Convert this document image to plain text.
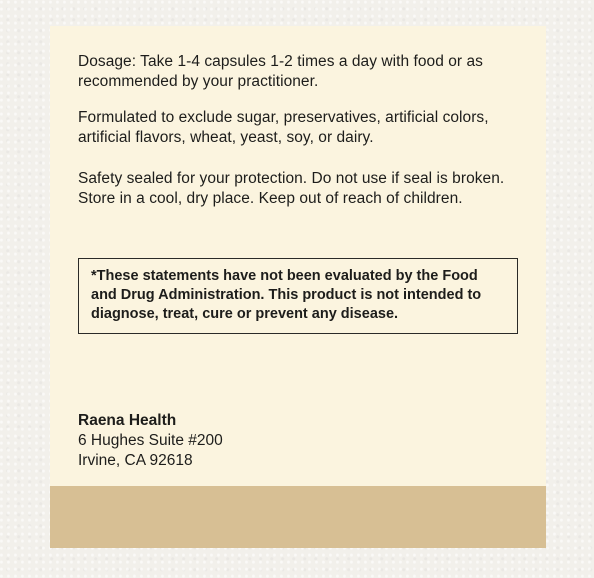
Dosage: Take 1-4 capsules 1-2 times a day with food or as recommended by your practitioner.

Formulated to exclude sugar, preservatives, artificial colors, artificial flavors, wheat, yeast, soy, or dairy.

Safety sealed for your protection. Do not use if seal is broken. Store in a cool, dry place. Keep out of reach of children.

*These statements have not been evaluated by the Food and Drug Administration. This product is not intended to diagnose, treat, cure or prevent any disease.
Raena Health
6 Hughes Suite #200
Irvine, CA 92618
